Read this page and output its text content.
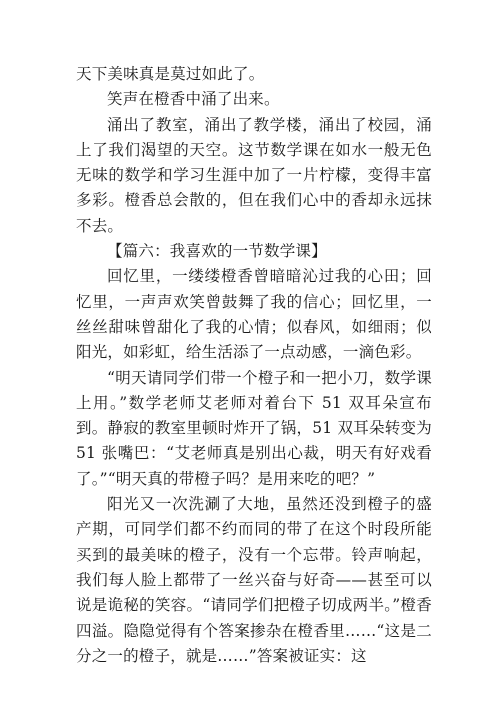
天下美味真是莫过如此了。

笑声在橙香中涌了出来。

涌出了教室，涌出了教学楼，涌出了校园，涌上了我们渴望的天空。这节数学课在如水一般无色无味的数学和学习生涯中加了一片柠檬，变得丰富多彩。橙香总会散的，但在我们心中的香却永远抹不去。

【篇六：我喜欢的一节数学课】

回忆里，一缕缕橙香曾暗暗沁过我的心田；回忆里，一声声欢笑曾鼓舞了我的信心；回忆里，一丝丝甜味曾甜化了我的心情；似春风，如细雨；似阳光，如彩虹，给生活添了一点动感，一滴色彩。

“明天请同学们带一个橙子和一把小刀，数学课上用。”数学老师艾老师对着台下 51 双耳朵宣布到。静寂的教室里顿时炸开了锅，51 双耳朵转变为 51 张嘴巴：“艾老师真是别出心裁，明天有好戏看了。”“明天真的带橙子吗？是用来吃的吧？”

阳光又一次洗涮了大地，虽然还没到橙子的盛产期，可同学们都不约而同的带了在这个时段所能买到的最美味的橙子，没有一个忘带。铃声响起，我们每人脸上都带了一丝兴奋与好奇——甚至可以说是诡秘的笑容。“请同学们把橙子切成两半。”橙香四溢。隐隐觉得有个答案掺杂在橙香里……“这是二分之一的橙子，就是……”答案被证实：这
